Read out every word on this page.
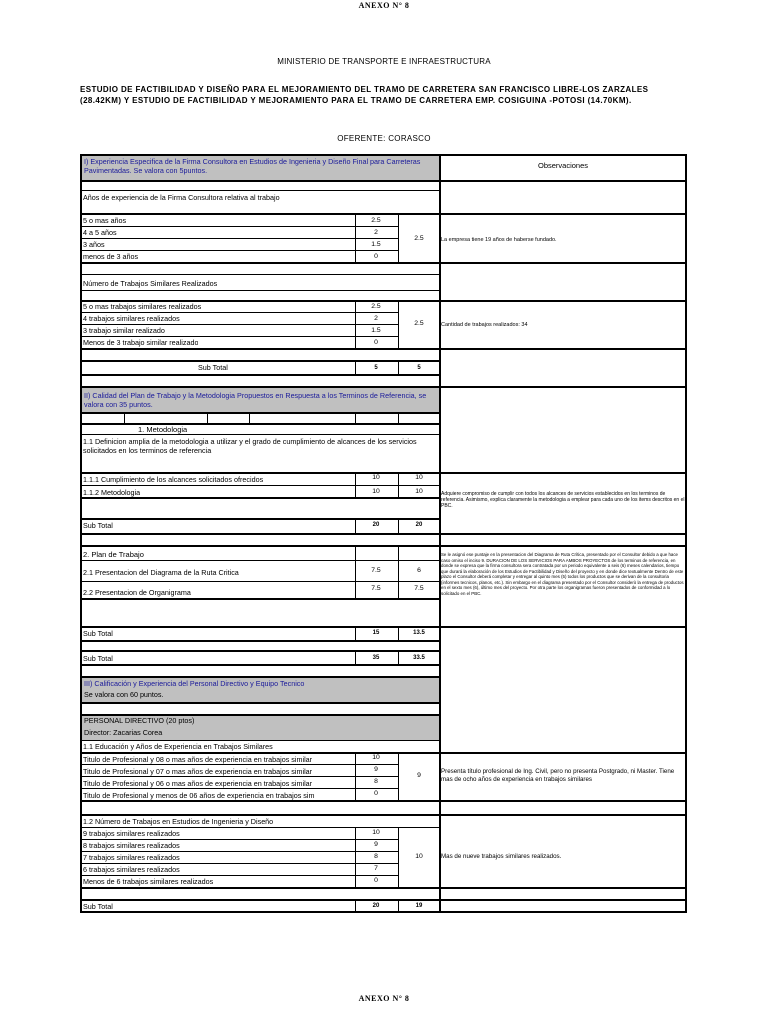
ANEXO N° 8
MINISTERIO DE TRANSPORTE E INFRAESTRUCTURA
ESTUDIO DE FACTIBILIDAD Y DISEÑO PARA EL MEJORAMIENTO DEL TRAMO DE CARRETERA SAN FRANCISCO LIBRE-LOS ZARZALES
(28.42KM) Y ESTUDIO DE FACTIBILIDAD Y MEJORAMIENTO PARA EL TRAMO DE CARRETERA EMP. COSIGUINA -POTOSI (14.70KM).
OFERENTE: CORASCO
I) Experiencia Especifica de la Firma Consultora en Estudios de Ingenieria y Diseño Final para Carreteras Pavimentadas. Se valora con 5puntos.
Observaciones
Años de experiencia de la Firma Consultora relativa al trabajo
5 o mas años	2.5
4 a 5 años	2
3 años	1.5
menos de 3 años	0
2.5	La empresa tiene 19 años de haberse fundado.
Número de Trabajos Similares Realizados
5 o mas trabajos similares realizados	2.5
4 trabajos similares realizados	2
3 trabajo similar realizado	1.5
Menos de 3 trabajo similar realizado	0
2.5	Cantidad de trabajos realizados: 34
Sub Total	5	5
II) Calidad del Plan de Trabajo y la Metodologia Propuestos en Respuesta a los Terminos de Referencia, se valora con 35 puntos.
1. Metodologia
1.1 Definicion amplia de la metodologia a utilizar y el grado de cumplimiento de alcances de los servicios solicitados en los terminos de referencia
1.1.1 Cumplimiento de los alcances solicitados ofrecidos	10	10
1.1.2 Metodologia	10	10	Adquiere compromiso de cumplir con todos los alcances de servicios establecidos en los terminos de referencia. Asimismo, explica claramente la metodologia a emplear para cada uno de los items descritos en el PBC.
Sub Total	20	20
2. Plan de Trabajo
2.1 Presentacion del Diagrama de la Ruta Critica	7.5	6
2.2 Presentacion de Organigrama	7.5	7.5
Se le asignó ese puntaje en la presentacion del Diagrama de Ruta Crítica, presentado por el Consultor debido a que hace caso omiso el inciso 9. DURACION DE LOS SERVICIOS PARA AMBOS PROYECTOS de los terminos de referencia, en donde se expresa que la firma consultora sera contratada por un periodo equivalente a seis (6) meses calendarios, tiempo que durará la elaboración de los Estudios de Factibilidad y Diseño del proyecto y en donde dice textualmente Dentro de este plazo el Consultor deberá completar y entregar al quinto mes (5) todos los productos que se derivan de la consultoria (informes tecnicos, planos, etc.). Sin embargo en el diagrama presentado por el Consultor considerò la entrega de productos en el sexto mes (6), último mes del proyecto. Por otra parte los organigramas fueron presentados de conformidad a lo solicitado en el PBC.
Sub Total	15	13.5
Sub Total	35	33.5
III) Calificación y Experiencia del Personal Directivo y Equipo Tecnico
Se valora con 60 puntos.
PERSONAL DIRECTIVO (20 ptos)
Director: Zacarias Corea
1.1 Educación y Años de Experiencia en Trabajos Similares
Titulo de Profesional y 08 o mas años de experiencia en trabajos similar	10
Titulo de Profesional y 07 o mas años de experiencia en trabajos similar	9
Titulo de Profesional y 06 o mas años de experiencia en trabajos similar	8
Titulo de Profesional y menos de 06 años de experiencia en trabajos sim	0
9
Presenta título profesional de Ing. Civil, pero no presenta Postgrado, ni Master. Tiene mas de ocho años de experiencia en trabajos similares
1.2 Número de Trabajos en Estudios de Ingenieria y Diseño
9 trabajos similares realizados	10
8 trabajos similares realizados	9
7 trabajos similares realizados	8
6 trabajos similares realizados	7
Menos de 6 trabajos similares realizados	0
10	Mas de nueve trabajos similares realizados.
Sub Total	20	19
ANEXO N° 8
